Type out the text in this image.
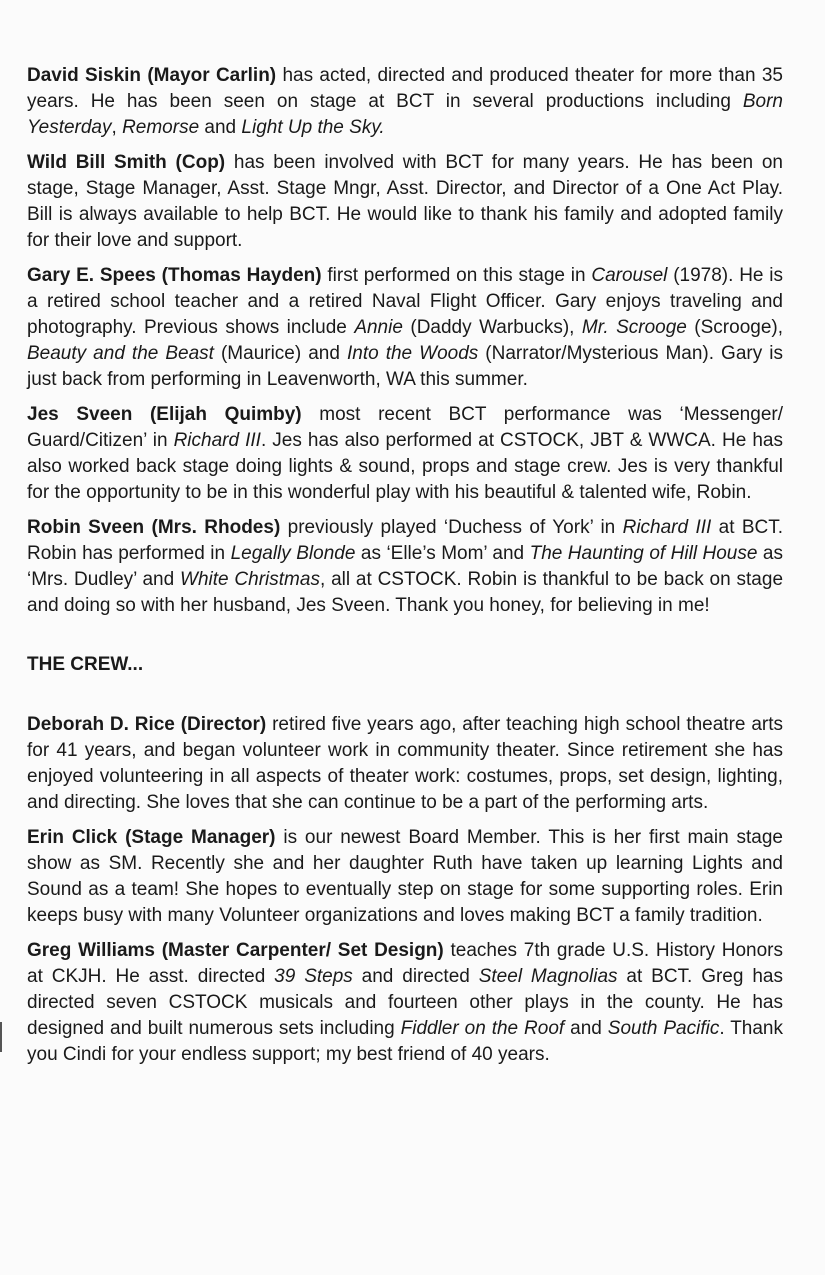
David Siskin (Mayor Carlin) has acted, directed and produced theater for more than 35 years. He has been seen on stage at BCT in several productions including Born Yesterday, Remorse and Light Up the Sky.

Wild Bill Smith (Cop) has been involved with BCT for many years. He has been on stage, Stage Manager, Asst. Stage Mngr, Asst. Director, and Director of a One Act Play. Bill is always available to help BCT. He would like to thank his family and adopted family for their love and support.

Gary E. Spees (Thomas Hayden) first performed on this stage in Carousel (1978). He is a retired school teacher and a retired Naval Flight Officer. Gary enjoys traveling and photography. Previous shows include Annie (Daddy Warbucks), Mr. Scrooge (Scrooge), Beauty and the Beast (Maurice) and Into the Woods (Narrator/Mysterious Man). Gary is just back from performing in Leavenworth, WA this summer.

Jes Sveen (Elijah Quimby) most recent BCT performance was ‘Messenger/ Guard/Citizen’ in Richard III. Jes has also performed at CSTOCK, JBT & WWCA. He has also worked back stage doing lights & sound, props and stage crew. Jes is very thankful for the opportunity to be in this wonderful play with his beautiful & talented wife, Robin.

Robin Sveen (Mrs. Rhodes) previously played ‘Duchess of York’ in Richard III at BCT. Robin has performed in Legally Blonde as ‘Elle’s Mom’ and The Haunting of Hill House as ‘Mrs. Dudley’ and White Christmas, all at CSTOCK. Robin is thankful to be back on stage and doing so with her husband, Jes Sveen. Thank you honey, for believing in me!

THE CREW...

Deborah D. Rice (Director) retired five years ago, after teaching high school theatre arts for 41 years, and began volunteer work in community theater. Since retirement she has enjoyed volunteering in all aspects of theater work: costumes, props, set design, lighting, and directing. She loves that she can continue to be a part of the performing arts.

Erin Click (Stage Manager) is our newest Board Member. This is her first main stage show as SM. Recently she and her daughter Ruth have taken up learning Lights and Sound as a team! She hopes to eventually step on stage for some supporting roles. Erin keeps busy with many Volunteer organizations and loves making BCT a family tradition.

Greg Williams (Master Carpenter/ Set Design) teaches 7th grade U.S. History Honors at CKJH. He asst. directed 39 Steps and directed Steel Magnolias at BCT. Greg has directed seven CSTOCK musicals and fourteen other plays in the county. He has designed and built numerous sets including Fiddler on the Roof and South Pacific. Thank you Cindi for your endless support; my best friend of 40 years.
